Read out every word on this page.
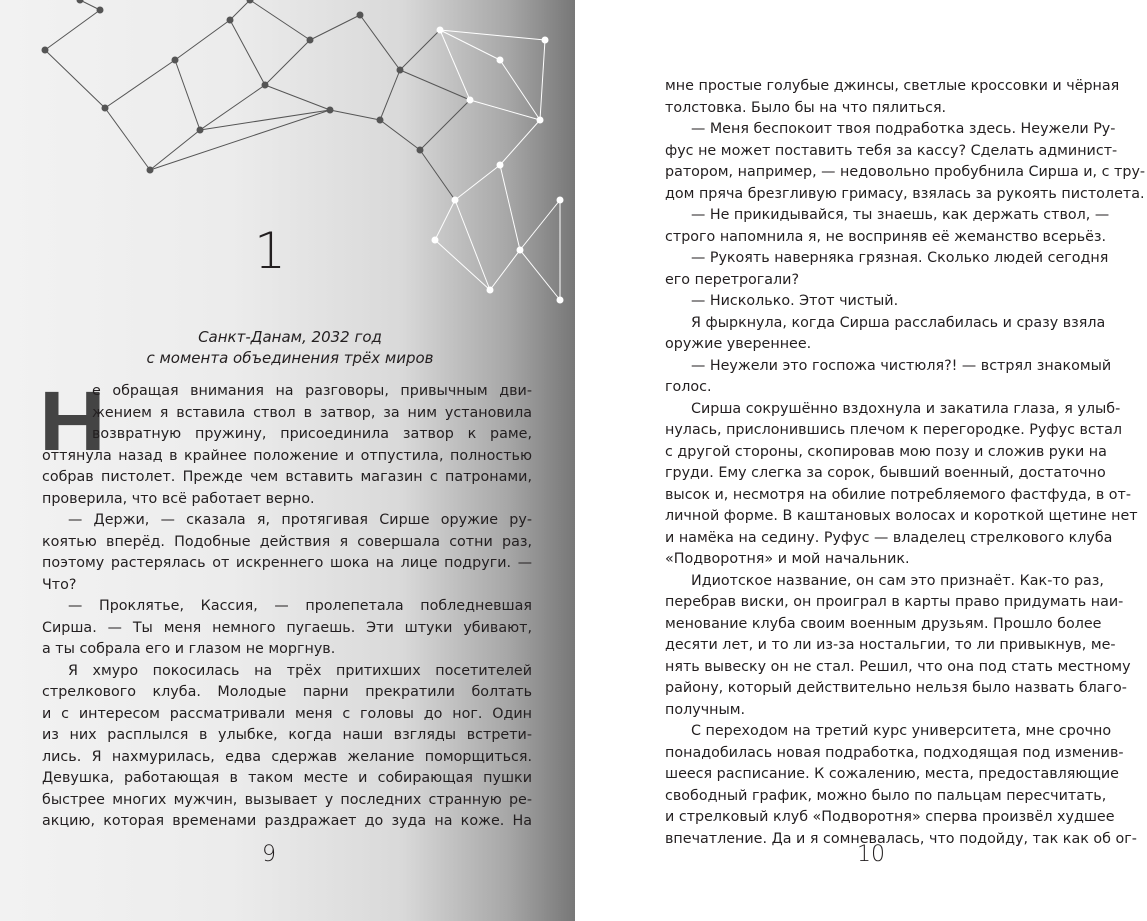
1
Санкт-Данам, 2032 год
с момента объединения трёх миров
Н
е обращая внимания на разговоры, привычным дви-
жением я вставила ствол в затвор, за ним установила
возвратную пружину, присоединила затвор к раме,
оттянула назад в крайнее положение и отпустила, полностью
собрав пистолет. Прежде чем вставить магазин с патронами,
проверила, что всё работает верно.
— Держи, — сказала я, протягивая Сирше оружие ру-
коятью вперёд. Подобные действия я совершала сотни раз,
поэтому растерялась от искреннего шока на лице подруги. —
Что?
— Проклятье, Кассия, — пролепетала побледневшая
Сирша. — Ты меня немного пугаешь. Эти штуки убивают,
а ты собрала его и глазом не моргнув.
Я хмуро покосилась на трёх притихших посетителей
стрелкового клуба. Молодые парни прекратили болтать
и с интересом рассматривали меня с головы до ног. Один
из них расплылся в улыбке, когда наши взгляды встрети-
лись. Я нахмурилась, едва сдержав желание поморщиться.
Девушка, работающая в таком месте и собирающая пушки
быстрее многих мужчин, вызывает у последних странную ре-
акцию, которая временами раздражает до зуда на коже. На
9
мне простые голубые джинсы, светлые кроссовки и чёрная
толстовка. Было бы на что пялиться.
— Меня беспокоит твоя подработка здесь. Неужели Ру-
фус не может поставить тебя за кассу? Сделать админист-
ратором, например, — недовольно пробубнила Сирша и, с тру-
дом пряча брезгливую гримасу, взялась за рукоять пистолета.
— Не прикидывайся, ты знаешь, как держать ствол, —
строго напомнила я, не восприняв её жеманство всерьёз.
— Рукоять наверняка грязная. Сколько людей сегодня
его перетрогали?
— Нисколько. Этот чистый.
Я фыркнула, когда Сирша расслабилась и сразу взяла
оружие увереннее.
— Неужели это госпожа чистюля?! — встрял знакомый
голос.
Сирша сокрушённо вздохнула и закатила глаза, я улыб-
нулась, прислонившись плечом к перегородке. Руфус встал
с другой стороны, скопировав мою позу и сложив руки на
груди. Ему слегка за сорок, бывший военный, достаточно
высок и, несмотря на обилие потребляемого фастфуда, в от-
личной форме. В каштановых волосах и короткой щетине нет
и намёка на седину. Руфус — владелец стрелкового клуба
«Подворотня» и мой начальник.
Идиотское название, он сам это признаёт. Как-то раз,
перебрав виски, он проиграл в карты право придумать наи-
менование клуба своим военным друзьям. Прошло более
десяти лет, и то ли из-за ностальгии, то ли привыкнув, ме-
нять вывеску он не стал. Решил, что она под стать местному
району, который действительно нельзя было назвать благо-
получным.
С переходом на третий курс университета, мне срочно
понадобилась новая подработка, подходящая под изменив-
шееся расписание. К сожалению, места, предоставляющие
свободный график, можно было по пальцам пересчитать,
и стрелковый клуб «Подворотня» сперва произвёл худшее
впечатление. Да и я сомневалась, что подойду, так как об ог-
10
